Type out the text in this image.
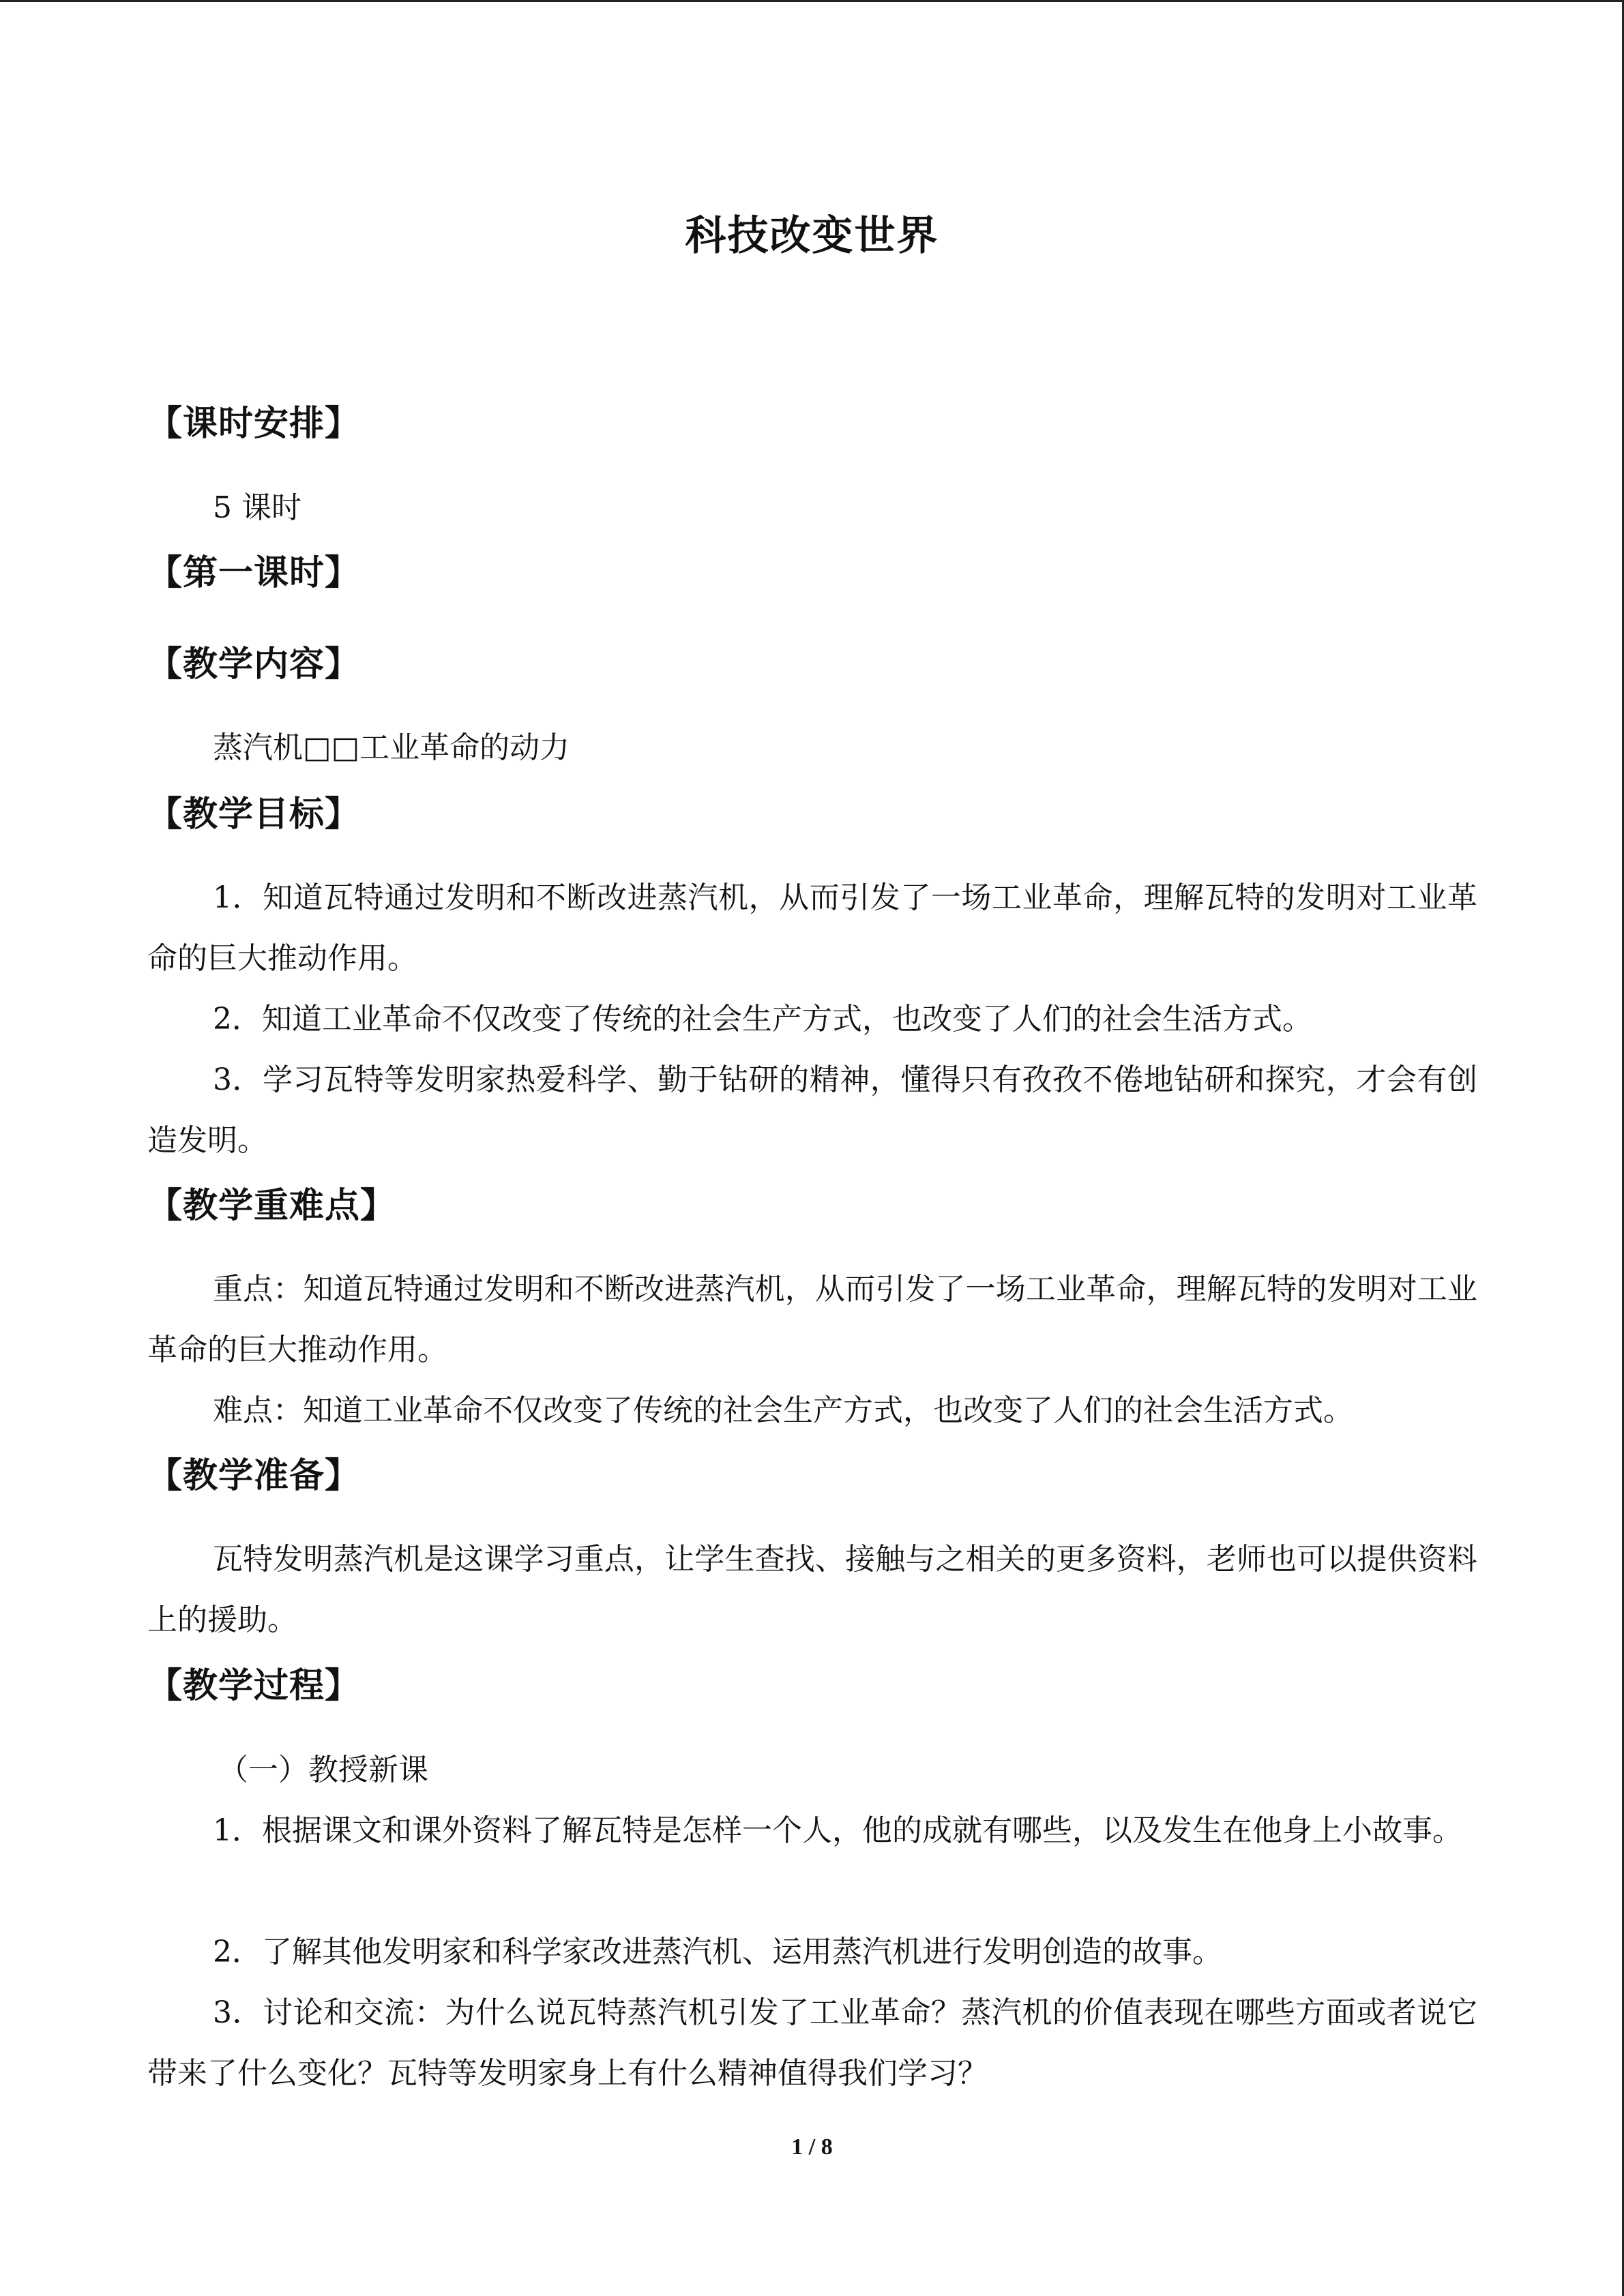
科技改变世界
【课时安排】
5 课时
【第一课时】
【教学内容】
蒸汽机□□工业革命的动力
【教学目标】
1．知道瓦特通过发明和不断改进蒸汽机，从而引发了一场工业革命，理解瓦特的发明对工业革命的巨大推动作用。
2．知道工业革命不仅改变了传统的社会生产方式，也改变了人们的社会生活方式。
3．学习瓦特等发明家热爱科学、勤于钻研的精神，懂得只有孜孜不倦地钻研和探究，才会有创造发明。
【教学重难点】
重点：知道瓦特通过发明和不断改进蒸汽机，从而引发了一场工业革命，理解瓦特的发明对工业革命的巨大推动作用。
难点：知道工业革命不仅改变了传统的社会生产方式，也改变了人们的社会生活方式。
【教学准备】
瓦特发明蒸汽机是这课学习重点，让学生查找、接触与之相关的更多资料，老师也可以提供资料上的援助。
【教学过程】
（一）教授新课
1．根据课文和课外资料了解瓦特是怎样一个人，他的成就有哪些，以及发生在他身上小故事。
2．了解其他发明家和科学家改进蒸汽机、运用蒸汽机进行发明创造的故事。
3．讨论和交流：为什么说瓦特蒸汽机引发了工业革命？蒸汽机的价值表现在哪些方面或者说它带来了什么变化？瓦特等发明家身上有什么精神值得我们学习？
1 / 8
